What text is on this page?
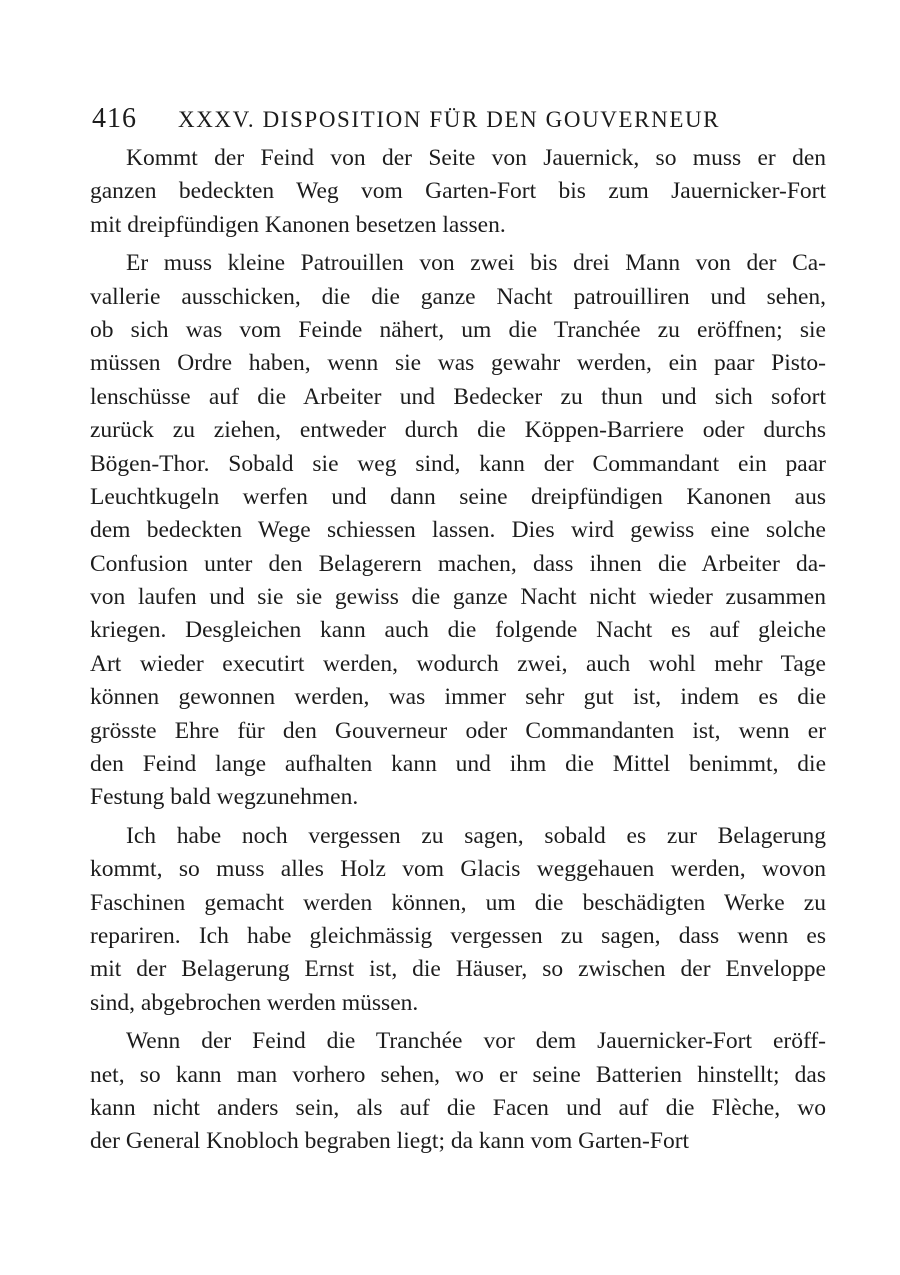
416	XXXV. DISPOSITION FÜR DEN GOUVERNEUR
Kommt der Feind von der Seite von Jauernick, so muss er den
ganzen bedeckten Weg vom Garten-Fort bis zum Jauernicker-Fort
mit dreipfündigen Kanonen besetzen lassen.
Er muss kleine Patrouillen von zwei bis drei Mann von der Ca-
vallerie ausschicken, die die ganze Nacht patrouilliren und sehen,
ob sich was vom Feinde nähert, um die Tranchée zu eröffnen; sie
müssen Ordre haben, wenn sie was gewahr werden, ein paar Pisto-
lenschüsse auf die Arbeiter und Bedecker zu thun und sich sofort
zurück zu ziehen, entweder durch die Köppen-Barriere oder durchs
Bögen-Thor. Sobald sie weg sind, kann der Commandant ein paar
Leuchtkugeln werfen und dann seine dreipfündigen Kanonen aus
dem bedeckten Wege schiessen lassen. Dies wird gewiss eine solche
Confusion unter den Belagerern machen, dass ihnen die Arbeiter da-
von laufen und sie sie gewiss die ganze Nacht nicht wieder zusammen
kriegen. Desgleichen kann auch die folgende Nacht es auf gleiche
Art wieder executirt werden, wodurch zwei, auch wohl mehr Tage
können gewonnen werden, was immer sehr gut ist, indem es die
grösste Ehre für den Gouverneur oder Commandanten ist, wenn er
den Feind lange aufhalten kann und ihm die Mittel benimmt, die
Festung bald wegzunehmen.
Ich habe noch vergessen zu sagen, sobald es zur Belagerung
kommt, so muss alles Holz vom Glacis weggehauen werden, wovon
Faschinen gemacht werden können, um die beschädigten Werke zu
repariren. Ich habe gleichmässig vergessen zu sagen, dass wenn es
mit der Belagerung Ernst ist, die Häuser, so zwischen der Enveloppe
sind, abgebrochen werden müssen.
Wenn der Feind die Tranchée vor dem Jauernicker-Fort eröff-
net, so kann man vorhero sehen, wo er seine Batterien hinstellt; das
kann nicht anders sein, als auf die Facen und auf die Flèche, wo
der General Knobloch begraben liegt; da kann vom Garten-Fort
